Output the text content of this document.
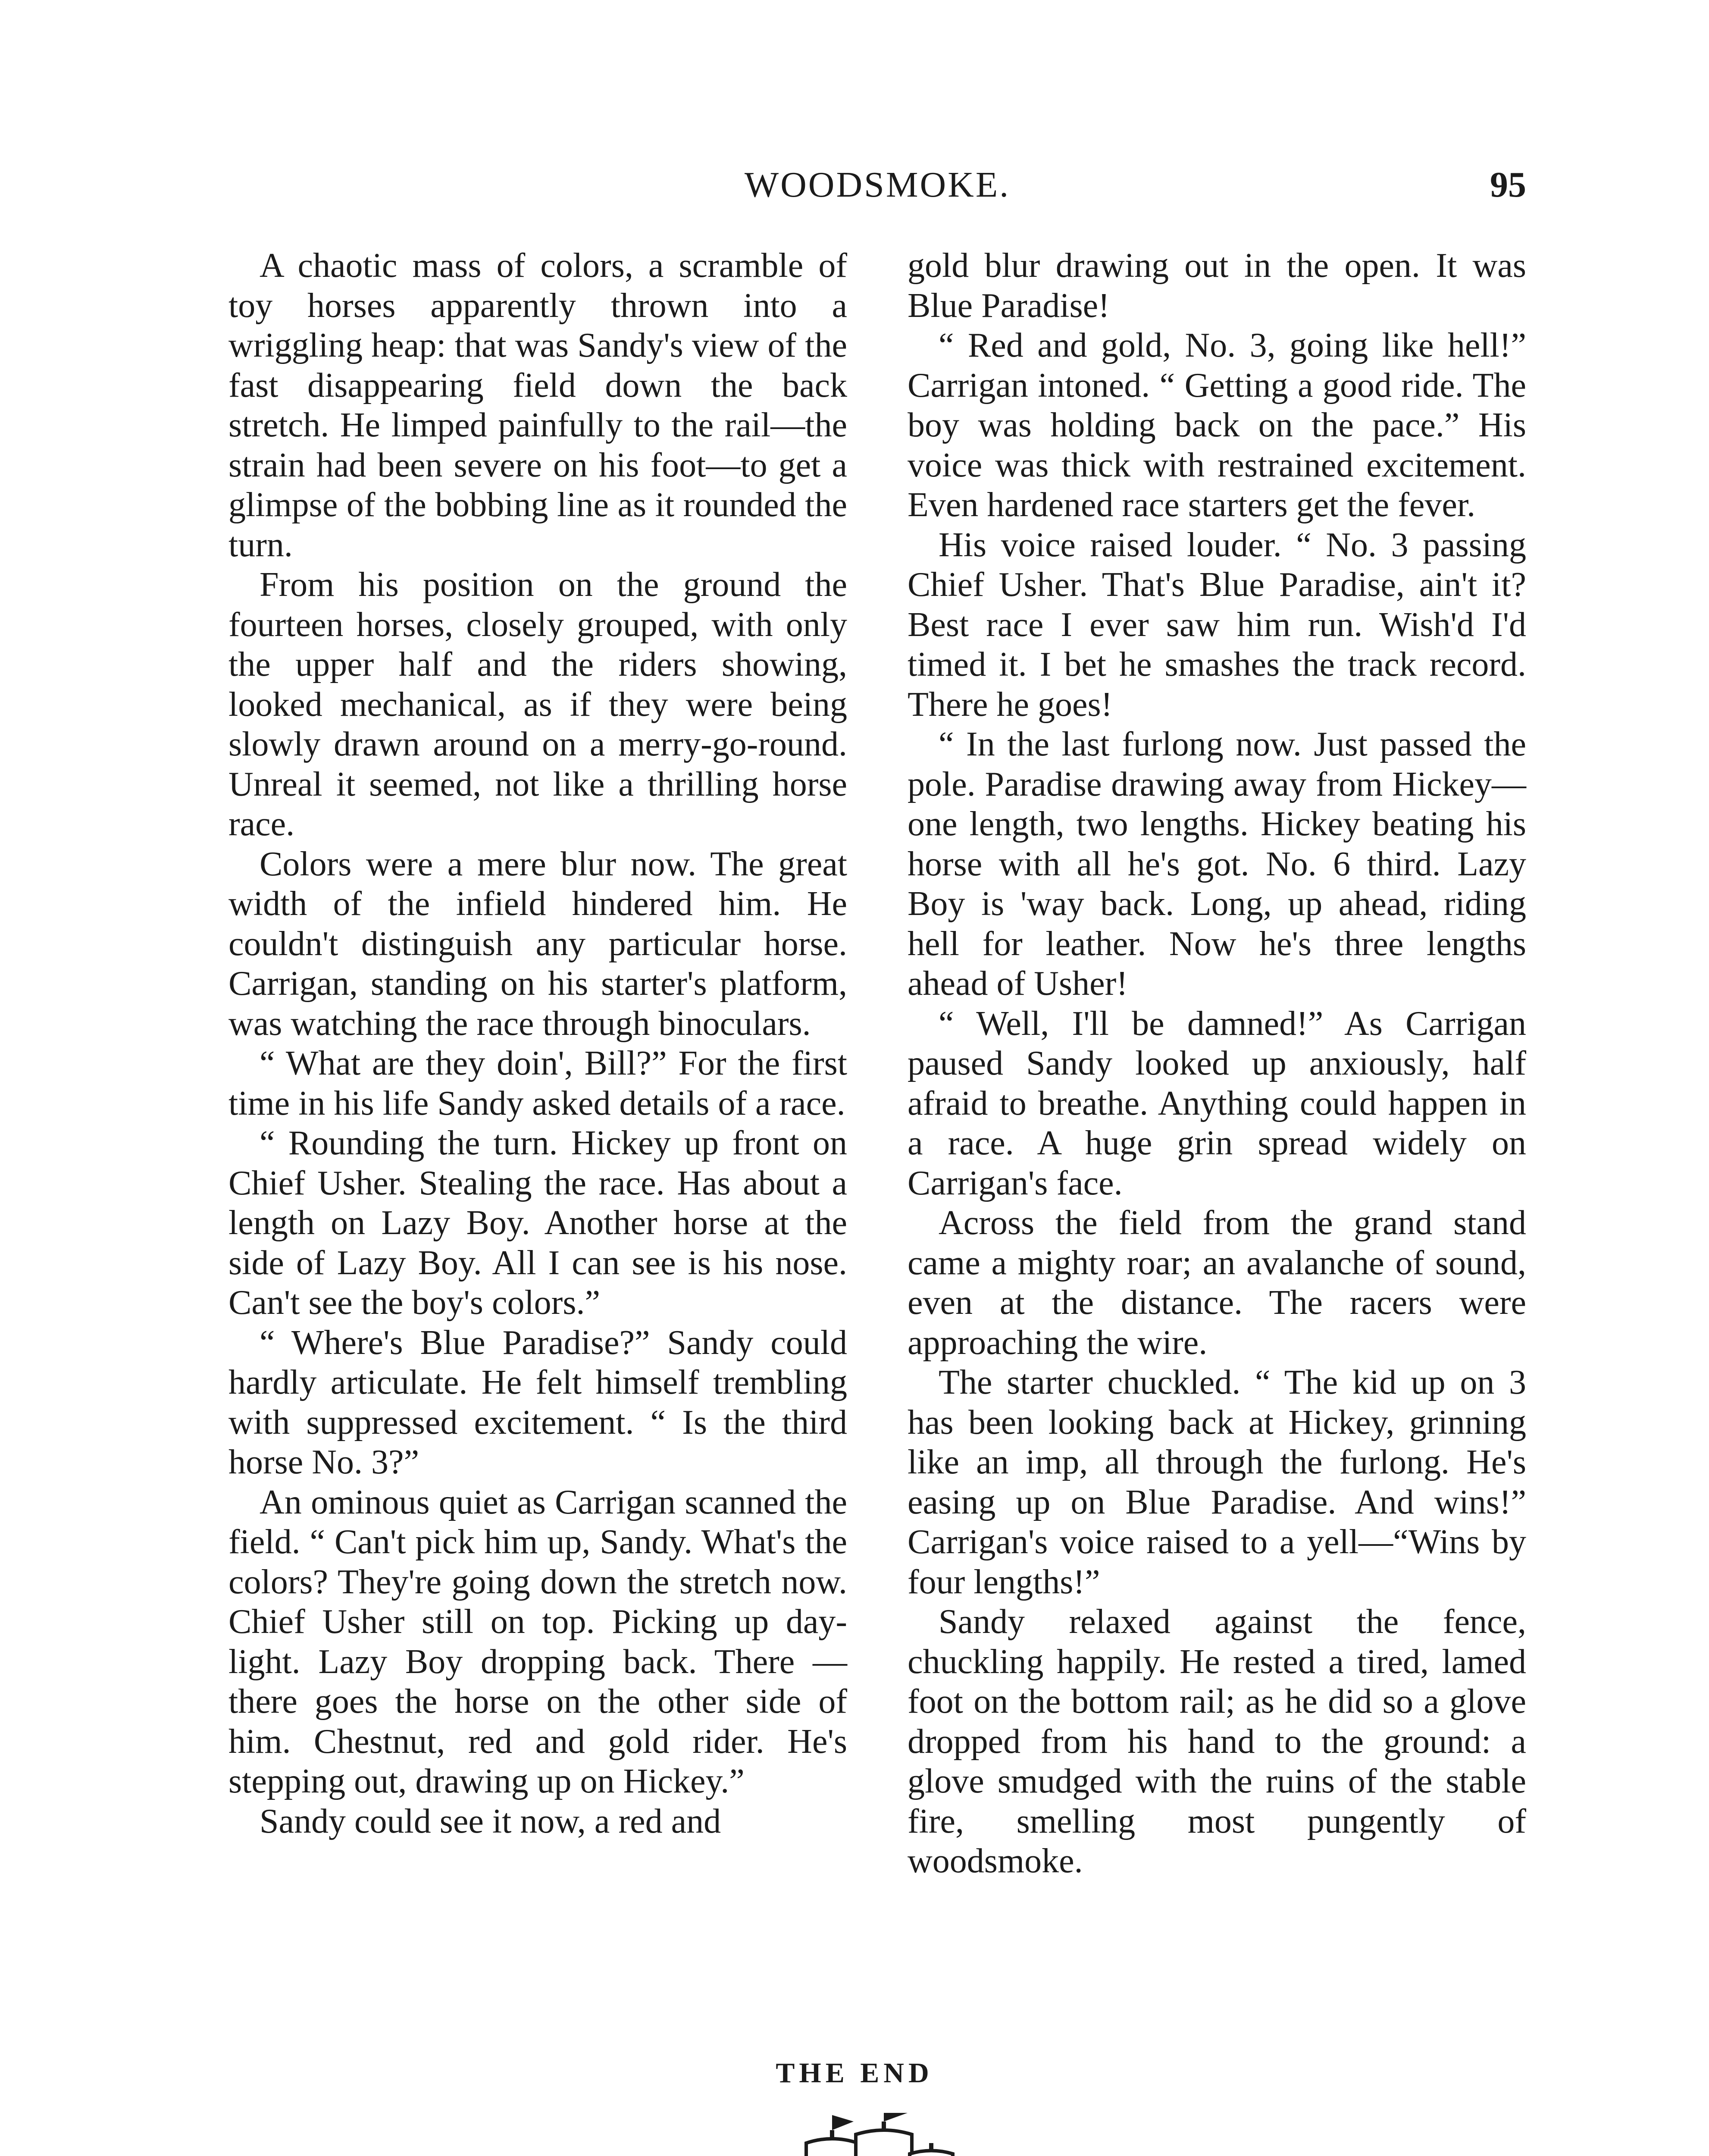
WOODSMOKE.	95

A chaotic mass of colors, a scramble of toy horses apparently thrown into a wriggling heap: that was Sandy's view of the fast disappearing field down the back stretch. He limped painfully to the rail—the strain had been severe on his foot—to get a glimpse of the bobbing line as it rounded the turn.

From his position on the ground the fourteen horses, closely grouped, with only the upper half and the riders showing, looked mechanical, as if they were being slowly drawn around on a merry-go-round. Unreal it seemed, not like a thrilling horse race.

Colors were a mere blur now. The great width of the infield hindered him. He couldn't distinguish any particular horse. Carrigan, standing on his starter's platform, was watching the race through binoculars.

“ What are they doin', Bill?” For the first time in his life Sandy asked details of a race.

“ Rounding the turn. Hickey up front on Chief Usher. Stealing the race. Has about a length on Lazy Boy. Another horse at the side of Lazy Boy. All I can see is his nose. Can't see the boy's colors.”

“ Where's Blue Paradise?” Sandy could hardly articulate. He felt himself trembling with suppressed excitement. “ Is the third horse No. 3?”

An ominous quiet as Carrigan scanned the field. “ Can't pick him up, Sandy. What's the colors? They're going down the stretch now. Chief Usher still on top. Picking up daylight. Lazy Boy dropping back. There —there goes the horse on the other side of him. Chestnut, red and gold rider. He's stepping out, drawing up on Hickey.”

Sandy could see it now, a red and

gold blur drawing out in the open. It was Blue Paradise!

“ Red and gold, No. 3, going like hell!” Carrigan intoned. “ Getting a good ride. The boy was holding back on the pace.” His voice was thick with restrained excitement. Even hardened race starters get the fever.

His voice raised louder. “ No. 3 passing Chief Usher. That's Blue Paradise, ain't it? Best race I ever saw him run. Wish'd I'd timed it. I bet he smashes the track record. There he goes!

“ In the last furlong now. Just passed the pole. Paradise drawing away from Hickey—one length, two lengths. Hickey beating his horse with all he's got. No. 6 third. Lazy Boy is 'way back. Long, up ahead, riding hell for leather. Now he's three lengths ahead of Usher!

“ Well, I'll be damned!” As Carrigan paused Sandy looked up anxiously, half afraid to breathe. Anything could happen in a race. A huge grin spread widely on Carrigan's face.

Across the field from the grand stand came a mighty roar; an avalanche of sound, even at the distance. The racers were approaching the wire.

The starter chuckled. “ The kid up on 3 has been looking back at Hickey, grinning like an imp, all through the furlong. He's easing up on Blue Paradise. And wins!” Carrigan's voice raised to a yell—“Wins by four lengths!”

Sandy relaxed against the fence, chuckling happily. He rested a tired, lamed foot on the bottom rail; as he did so a glove dropped from his hand to the ground: a glove smudged with the ruins of the stable fire, smelling most pungently of woodsmoke.

THE END
